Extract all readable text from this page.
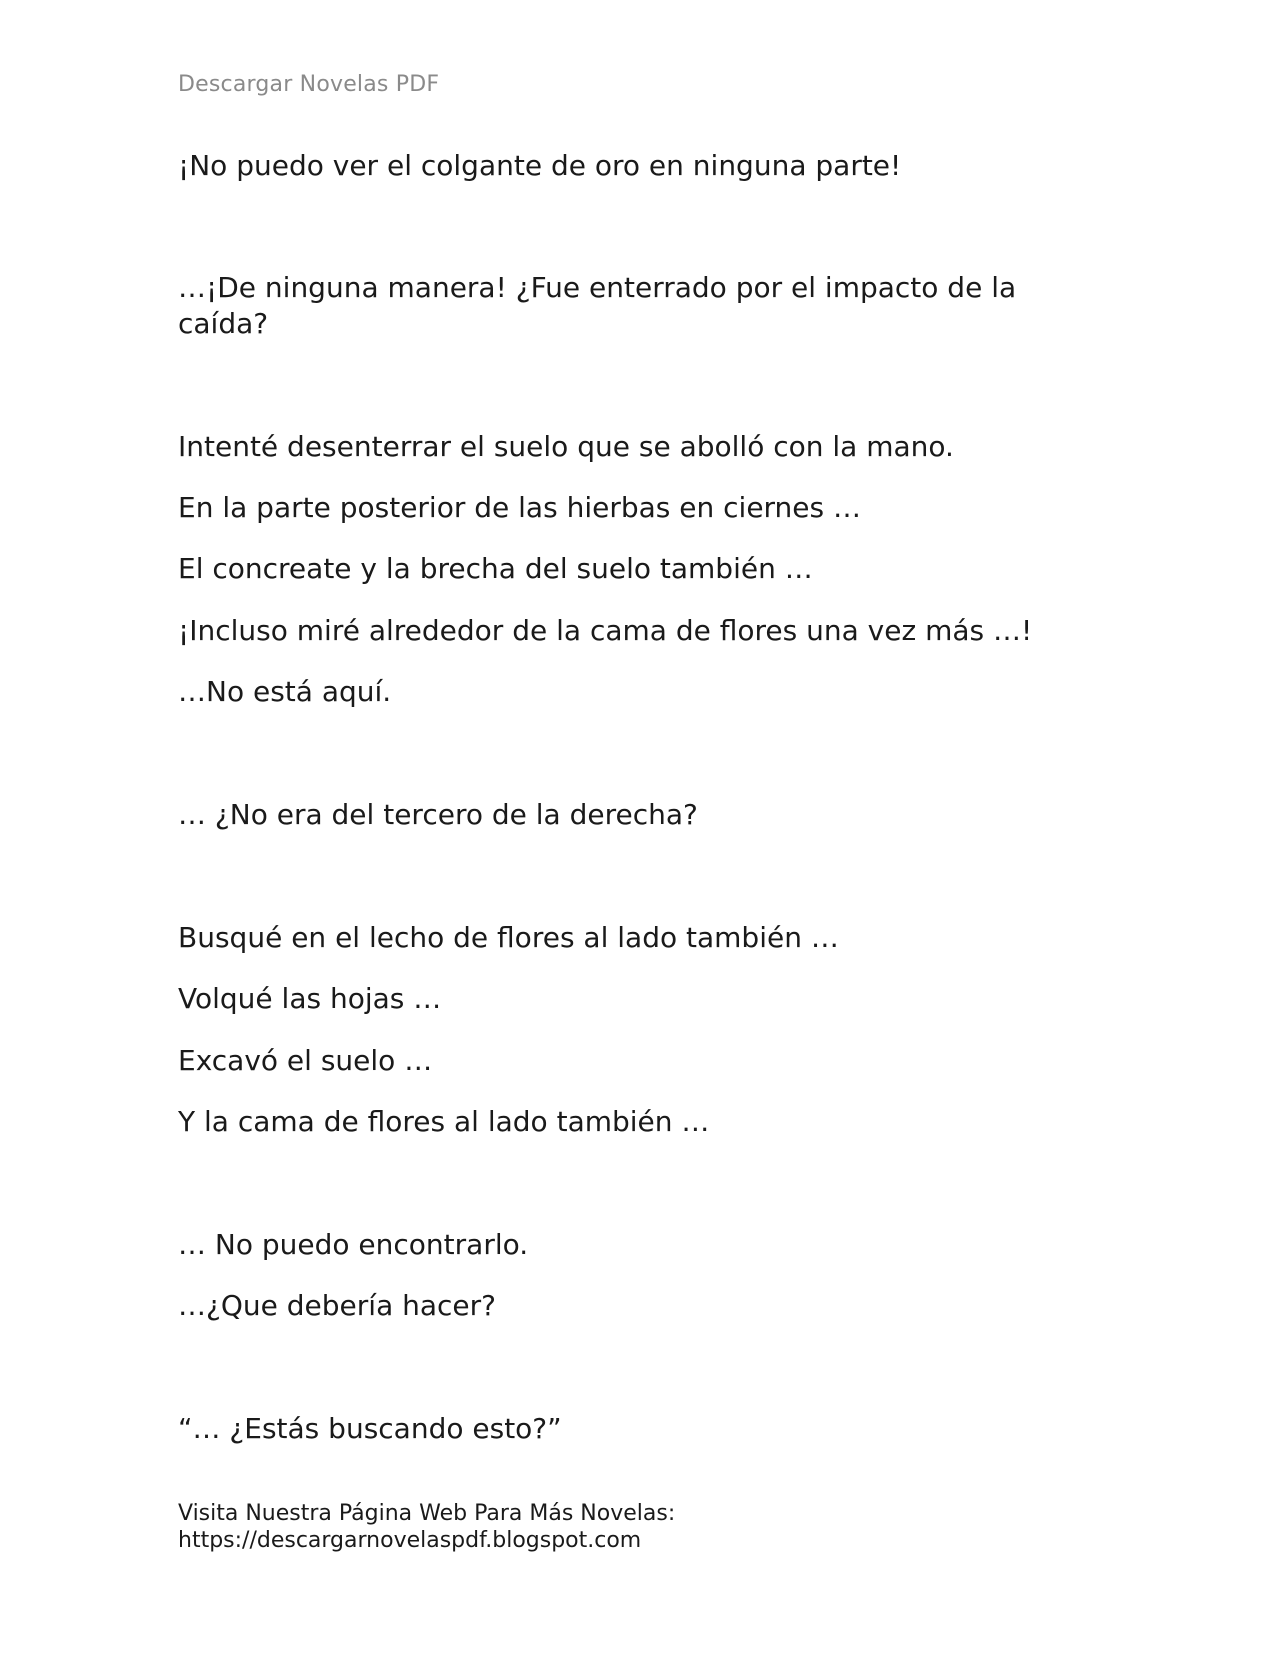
Descargar Novelas PDF
¡No puedo ver el colgante de oro en ninguna parte!
…¡De ninguna manera! ¿Fue enterrado por el impacto de la caída?
Intenté desenterrar el suelo que se abolló con la mano.
En la parte posterior de las hierbas en ciernes …
El concreate y la brecha del suelo también …
¡Incluso miré alrededor de la cama de flores una vez más …!
…No está aquí.
… ¿No era del tercero de la derecha?
Busqué en el lecho de flores al lado también …
Volqué las hojas …
Excavó el suelo …
Y la cama de flores al lado también …
… No puedo encontrarlo.
…¿Que debería hacer?
“… ¿Estás buscando esto?”
Visita Nuestra Página Web Para Más Novelas:
https://descargarnovelaspdf.blogspot.com
